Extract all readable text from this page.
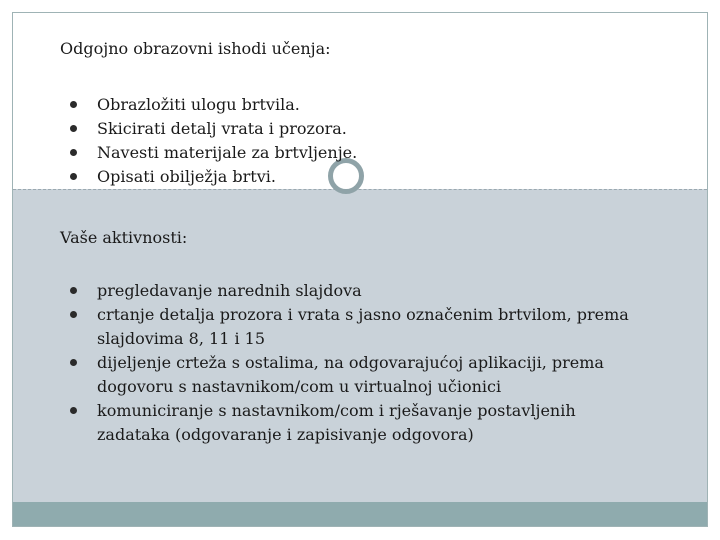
Odgojno obrazovni ishodi učenja:
Obrazložiti ulogu brtvila.
Skicirati detalj vrata i prozora.
Navesti materijale za brtvljenje.
Opisati obilježja brtvi.
Vaše aktivnosti:
pregledavanje narednih slajdova
crtanje detalja prozora i vrata s jasno označenim brtvilom, prema slajdovima 8, 11 i 15
dijeljenje crteža s ostalima, na odgovarajućoj aplikaciji, prema dogovoru s nastavnikom/com u virtualnoj učionici
komuniciranje s nastavnikom/com i rješavanje postavljenih zadataka (odgovaranje i zapisivanje odgovora)
